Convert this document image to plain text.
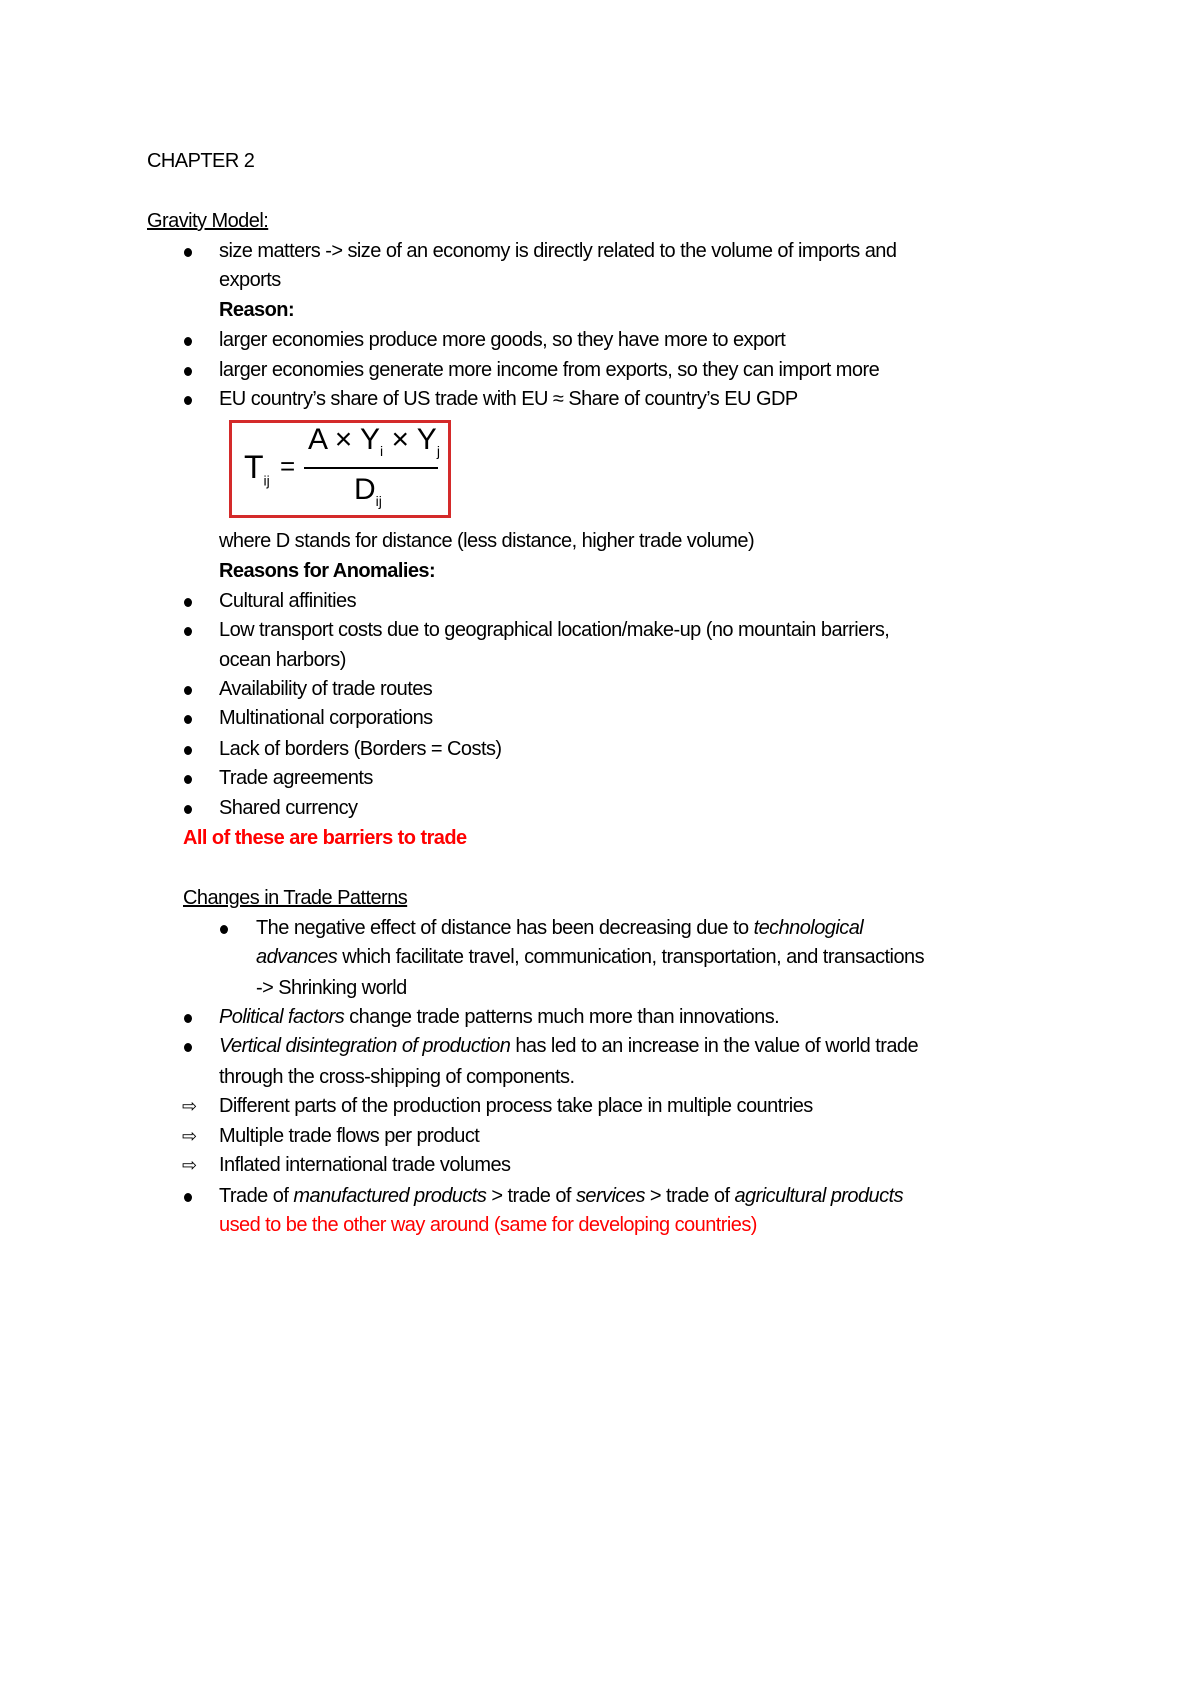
CHAPTER 2
Gravity Model:
size matters -> size of an economy is directly related to the volume of imports and
exports
Reason:
larger economies produce more goods, so they have more to export
larger economies generate more income from exports, so they can import more
EU country’s share of US trade with EU ≈ Share of country’s EU GDP
$T_{ij}$ =
$A \times Y_i \times Y_j$
$D_{ij}$
where D stands for distance (less distance, higher trade volume)
Reasons for Anomalies:
Cultural affinities
Low transport costs due to geographical location/make-up (no mountain barriers,
ocean harbors)
Availability of trade routes
Multinational corporations
Lack of borders (Borders = Costs)
Trade agreements
Shared currency
All of these are barriers to trade
Changes in Trade Patterns
The negative effect of distance has been decreasing due to technological
advances which facilitate travel, communication, transportation, and transactions
-> Shrinking world
Political factors change trade patterns much more than innovations.
Vertical disintegration of production has led to an increase in the value of world trade
through the cross-shipping of components.
⇨ Different parts of the production process take place in multiple countries
⇨ Multiple trade flows per product
⇨ Inflated international trade volumes
Trade of manufactured products > trade of services > trade of agricultural products
used to be the other way around (same for developing countries)
